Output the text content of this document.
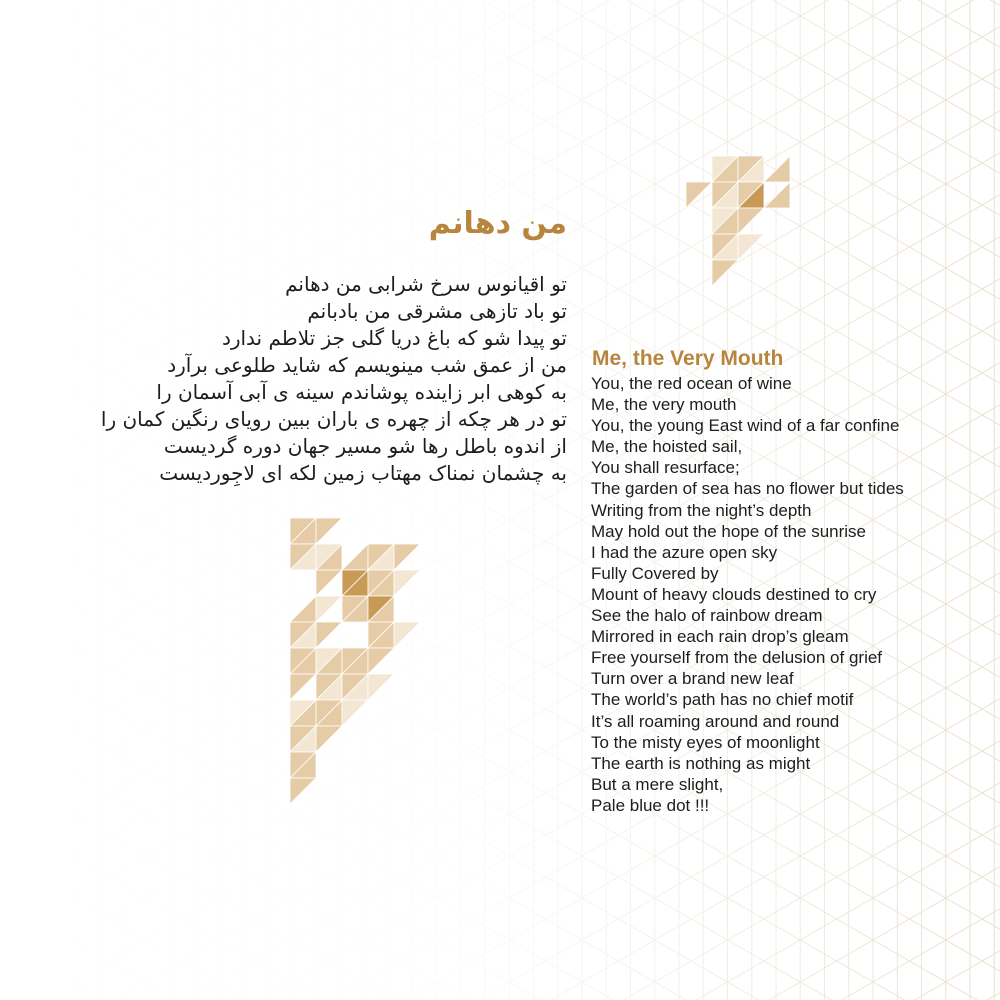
من دهانم
تو اقیانوس سرخ شرابی من دهانم
تو باد تازهی مشرقی من بادبانم
تو پیدا شو که باغ دریا گلی جز تلاطم ندارد
من از عمق شب مینویسم که شاید طلوعی برآرد
به کوهی ابر زاینده پوشاندم سینه ی آبی آسمان را
تو در هر چکه از چهره ی باران ببین رویای رنگین کمان را
از اندوه باطل رها شو مسیر جهان دوره گردیست
به چشمان نمناک مهتاب زمین لکه ای لاجِوردیست
Me, the Very Mouth
You, the red ocean of wine
Me, the very mouth
You, the young East wind of a far confine
Me, the hoisted sail,
You shall resurface;
The garden of sea has no flower but tides
Writing from the night’s depth
May hold out the hope of the sunrise
I had the azure open sky
Fully Covered by
Mount of heavy clouds destined to cry
See the halo of rainbow dream
Mirrored in each rain drop’s gleam
Free yourself from the delusion of grief
Turn over a brand new leaf
The world’s path has no chief motif
It’s all roaming around and round
To the misty eyes of moonlight
The earth is nothing as might
But a mere slight,
Pale blue dot !!!
